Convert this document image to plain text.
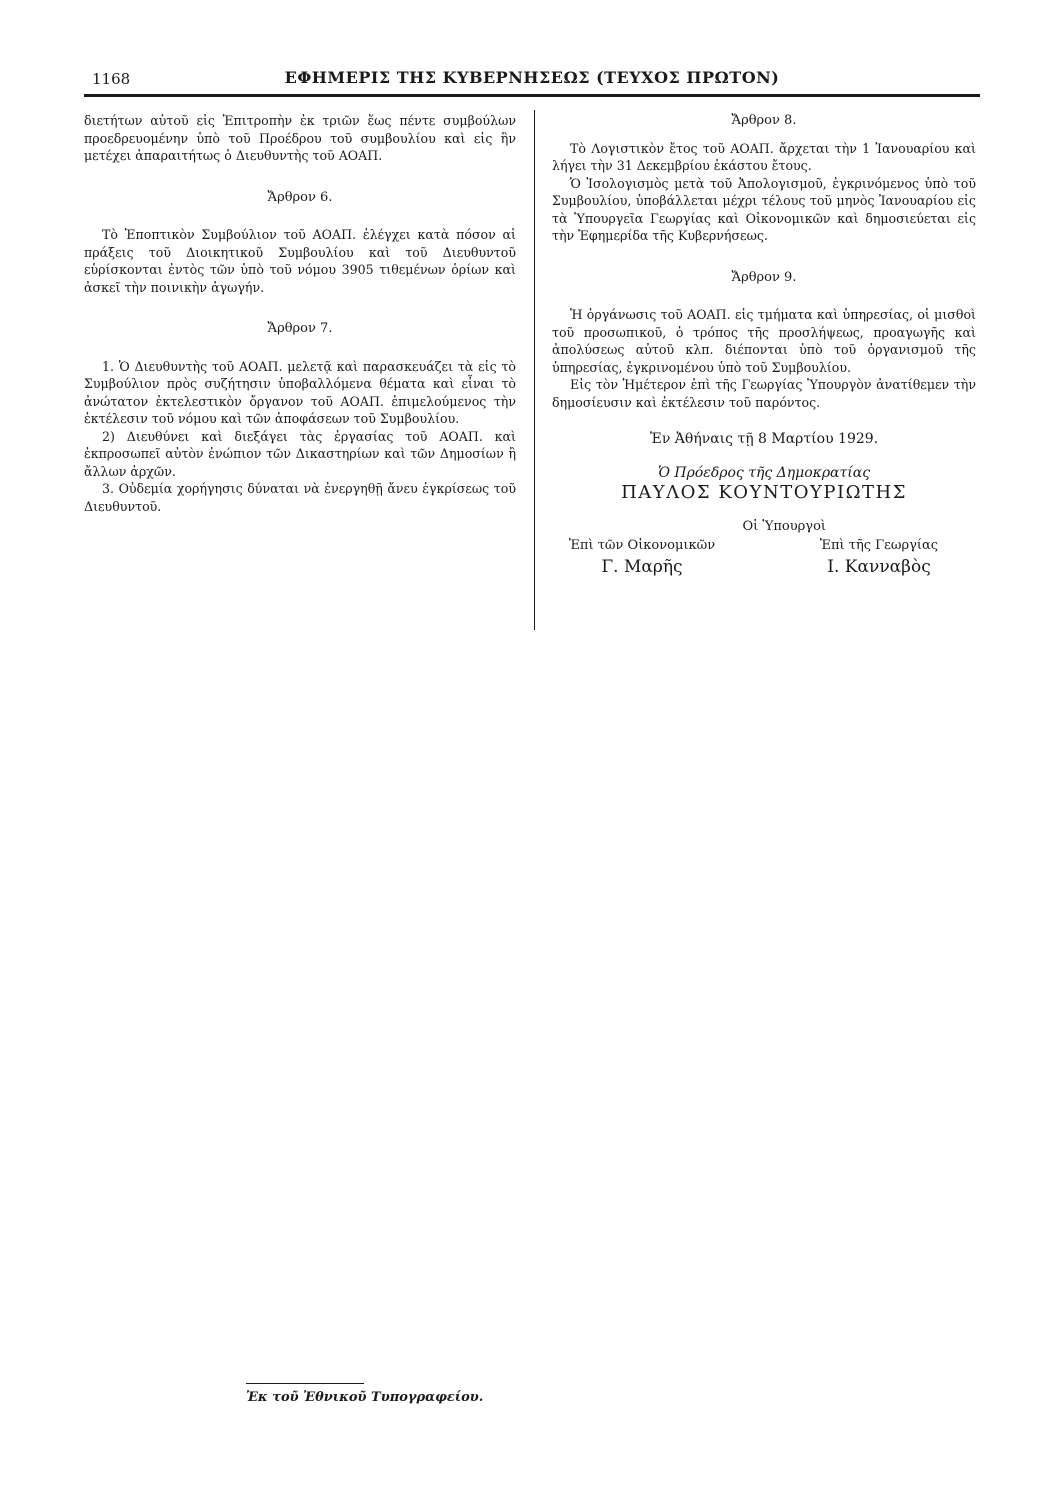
1168	ΕΦΗΜΕΡΙΣ ΤΗΣ ΚΥΒΕΡΝΗΣΕΩΣ (ΤΕΥΧΟΣ ΠΡΩΤΟΝ)

διετήτων αὐτοῦ εἰς Ἐπιτροπὴν ἐκ τριῶν ἕως πέντε συμβούλων προεδρευομένην ὑπὸ τοῦ Προέδρου τοῦ συμβουλίου καὶ εἰς ἣν μετέχει ἀπαραιτήτως ὁ Διευθυντὴς τοῦ ΑΟΑΠ.

Ἄρθρον 6.

Τὸ Ἐποπτικὸν Συμβούλιον τοῦ ΑΟΑΠ. ἐλέγχει κατὰ πόσον αἱ πράξεις τοῦ Διοικητικοῦ Συμβουλίου καὶ τοῦ Διευθυντοῦ εὑρίσκονται ἐντὸς τῶν ὑπὸ τοῦ νόμου 3905 τιθεμένων ὁρίων καὶ ἀσκεῖ τὴν ποινικὴν ἀγωγήν.

Ἄρθρον 7.

1. Ὁ Διευθυντὴς τοῦ ΑΟΑΠ. μελετᾷ καὶ παρασκευάζει τὰ εἰς τὸ Συμβούλιον πρὸς συζήτησιν ὑποβαλλόμενα θέματα καὶ εἶναι τὸ ἀνώτατον ἐκτελεστικὸν ὄργανον τοῦ ΑΟΑΠ. ἐπιμελούμενος τὴν ἐκτέλεσιν τοῦ νόμου καὶ τῶν ἀποφάσεων τοῦ Συμβουλίου.

2) Διευθύνει καὶ διεξάγει τὰς ἐργασίας τοῦ ΑΟΑΠ. καὶ ἐκπροσωπεῖ αὐτὸν ἐνώπιον τῶν Δικαστηρίων καὶ τῶν Δημοσίων ἢ ἄλλων ἀρχῶν.

3. Οὐδεμία χορήγησις δύναται νὰ ἐνεργηθῇ ἄνευ ἐγκρίσεως τοῦ Διευθυντοῦ.

Ἄρθρον 8.

Τὸ Λογιστικὸν ἔτος τοῦ ΑΟΑΠ. ἄρχεται τὴν 1 Ἰανουαρίου καὶ λήγει τὴν 31 Δεκεμβρίου ἑκάστου ἔτους.

Ὁ Ἰσολογισμὸς μετὰ τοῦ Ἀπολογισμοῦ, ἐγκρινόμενος ὑπὸ τοῦ Συμβουλίου, ὑποβάλλεται μέχρι τέλους τοῦ μηνὸς Ἰανουαρίου εἰς τὰ Ὑπουργεῖα Γεωργίας καὶ Οἰκονομικῶν καὶ δημοσιεύεται εἰς τὴν Ἐφημερίδα τῆς Κυβερνήσεως.

Ἄρθρον 9.

Ἡ ὀργάνωσις τοῦ ΑΟΑΠ. εἰς τμήματα καὶ ὑπηρεσίας, οἱ μισθοὶ τοῦ προσωπικοῦ, ὁ τρόπος τῆς προσλήψεως, προαγωγῆς καὶ ἀπολύσεως αὐτοῦ κλπ. διέπονται ὑπὸ τοῦ ὀργανισμοῦ τῆς ὑπηρεσίας, ἐγκρινομένου ὑπὸ τοῦ Συμβουλίου.

Εἰς τὸν Ἡμέτερον ἐπὶ τῆς Γεωργίας Ὑπουργὸν ἀνατίθεμεν τὴν δημοσίευσιν καὶ ἐκτέλεσιν τοῦ παρόντος.

Ἐν Ἀθήναις τῇ 8 Μαρτίου 1929.
Ὁ Πρόεδρος τῆς Δημοκρατίας
ΠΑΥΛΟΣ ΚΟΥΝΤΟΥΡΙΩΤΗΣ
Οἱ Ὑπουργοὶ
Ἐπὶ τῶν Οἰκονομικῶν
Γ. Μαρῆς
Ἐπὶ τῆς Γεωργίας
Ι. Κανναβὸς
Ἐκ τοῦ Ἐθνικοῦ Τυπογραφείου.
